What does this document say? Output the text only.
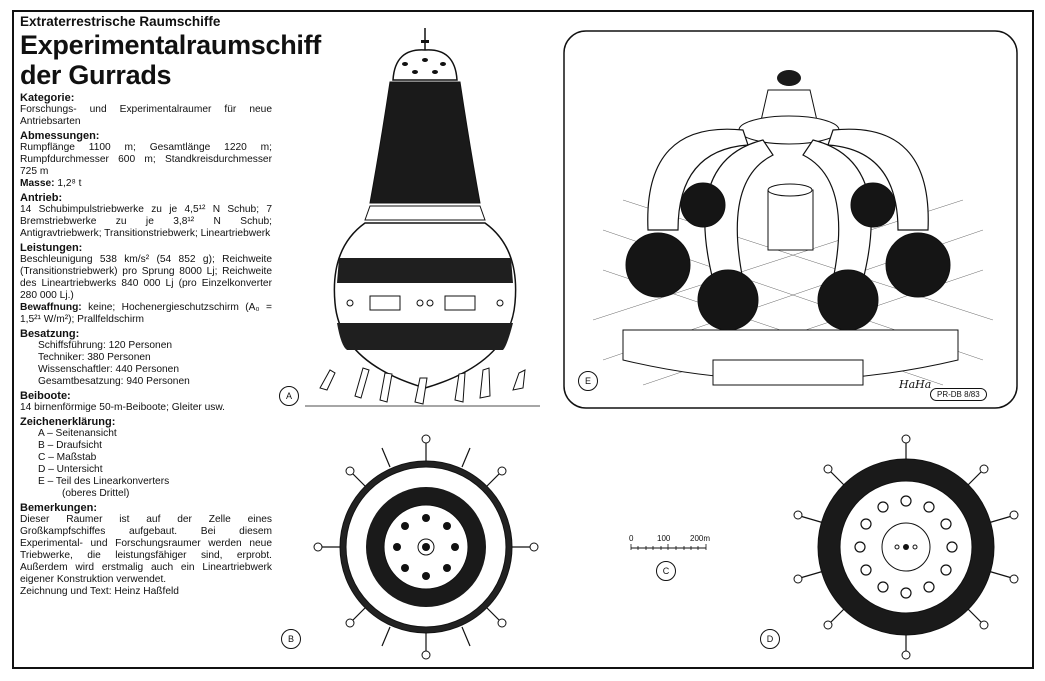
Extraterrestrische Raumschiffe
Experimentalraumschiff
der Gurrads
Kategorie:
Forschungs- und Experimentalraumer für neue Antriebsarten
Abmessungen:
Rumpflänge 1100 m; Gesamtlänge 1220 m; Rumpfdurchmesser 600 m; Standkreisdurchmesser 725 m
Masse: 1,2⁸ t
Antrieb:
14 Schubimpulstriebwerke zu je 4,5¹² N Schub; 7 Bremstriebwerke zu je 3,8¹² N Schub; Antigravtriebwerk; Transitionstriebwerk; Lineartriebwerk
Leistungen:
Beschleunigung 538 km/s² (54 852 g); Reichweite (Transitionstriebwerk) pro Sprung 8000 Lj; Reichweite des Lineartriebwerks 840 000 Lj (pro Einzelkonverter 280 000 Lj.)
Bewaffnung: keine; Hochenergieschutzschirm (A₀ = 1,5²¹ W/m²); Prallfeldschirm
Besatzung:
Schiffsführung: 120 Personen
Techniker: 380 Personen
Wissenschaftler: 440 Personen
Gesamtbesatzung: 940 Personen
Beiboote:
14 birnenförmige 50-m-Beiboote; Gleiter usw.
Zeichenerklärung:
A – Seitenansicht
B – Draufsicht
C – Maßstab
D – Untersicht
E – Teil des Linearkonverters
(oberes Drittel)
Bemerkungen:
Dieser Raumer ist auf der Zelle eines Großkampfschiffes aufgebaut. Bei diesem Experimental- und Forschungsraumer werden neue Triebwerke, die leistungsfähiger sind, erprobt. Außerdem wird erstmalig auch ein Lineartriebwerk eigener Konstruktion verwendet.
Zeichnung und Text: Heinz Haßfeld
A
E	HaHa
PR-DB 8/83
B
0	100 200m
C
D
